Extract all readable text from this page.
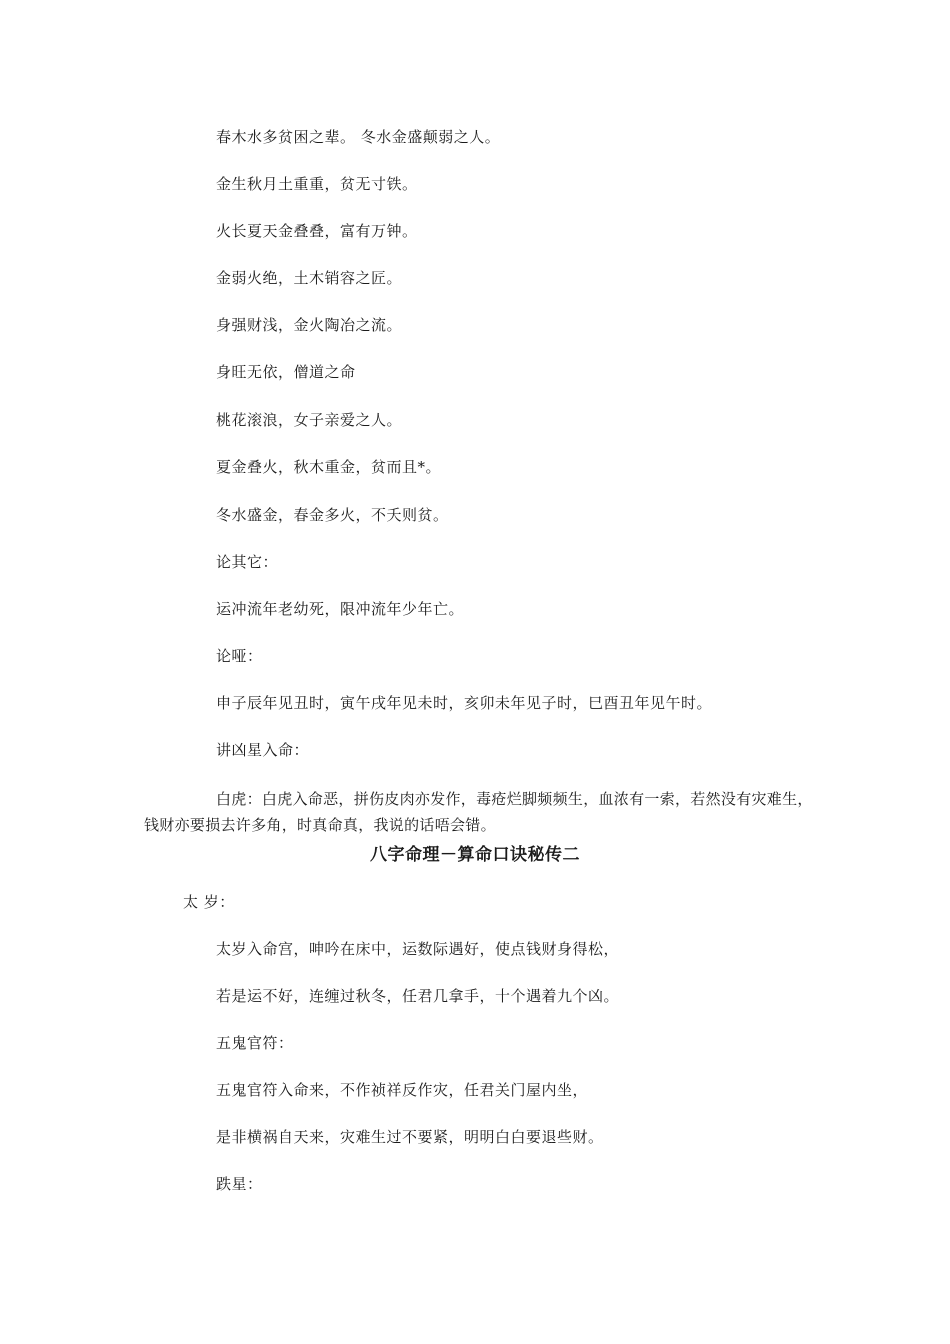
春木水多贫困之辈。 冬水金盛颠弱之人。
金生秋月土重重，贫无寸铁。
火长夏天金叠叠，富有万钟。
金弱火绝，土木销容之匠。
身强财浅，金火陶冶之流。
身旺无依，僧道之命
桃花滚浪，女子亲爱之人。
夏金叠火，秋木重金，贫而且*。
冬水盛金，春金多火，不夭则贫。
论其它：
运冲流年老幼死，限冲流年少年亡。
论哑：
申子辰年见丑时，寅午戌年见未时，亥卯未年见子时，巳酉丑年见午时。
讲凶星入命：
白虎：白虎入命恶，拼伤皮肉亦发作，毒疮烂脚频频生，血浓有一索，若然没有灾难生，钱财亦要损去许多角，时真命真，我说的话唔会错。
八字命理－算命口诀秘传二
太 岁：
太岁入命宫，呻吟在床中，运数际遇好，使点钱财身得松，
若是运不好，连缠过秋冬，任君几拿手，十个遇着九个凶。
五鬼官符：
五鬼官符入命来，不作祯祥反作灾，任君关门屋内坐，
是非横祸自天来，灾难生过不要紧，明明白白要退些财。
跌星：
